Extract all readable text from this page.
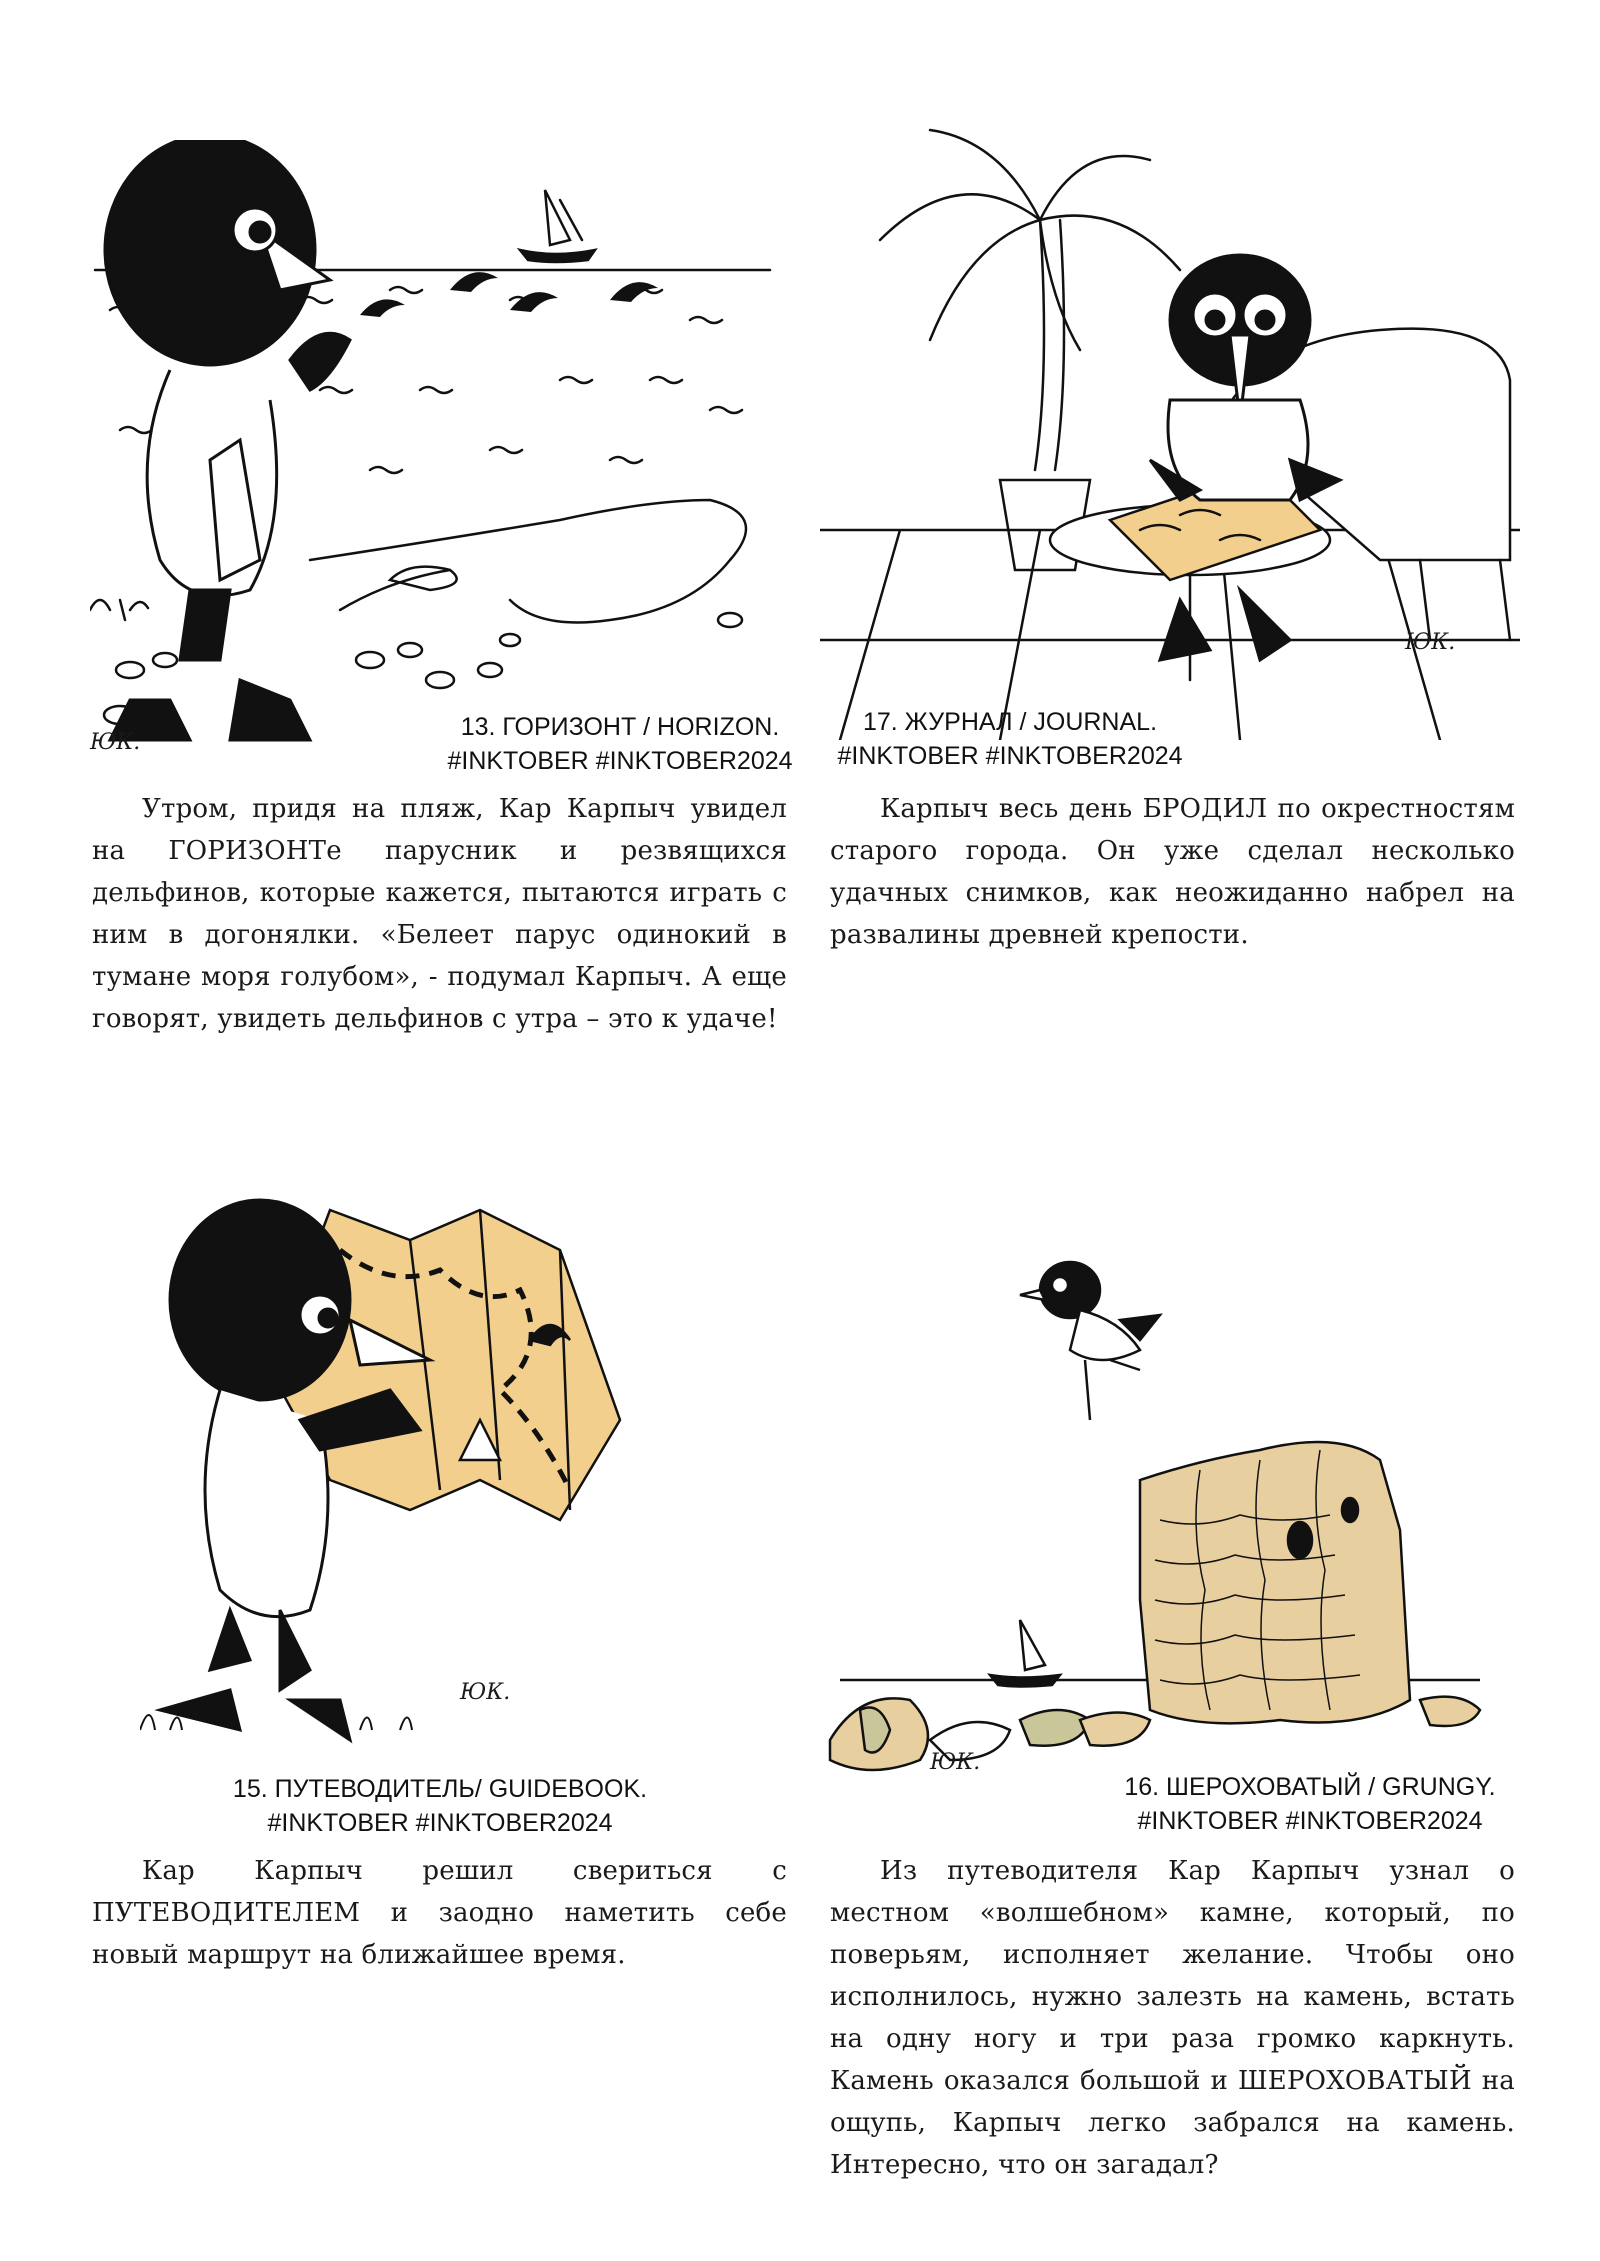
ЮК.
13. ГОРИЗОНТ / HORIZON.
#INKTOBER #INKTOBER2024

Утром, придя на пляж, Кар Карпыч увидел на ГОРИЗОНТе парусник и резвящихся дельфинов, которые кажется, пытаются играть с ним в догонялки. «Белеет парус одинокий в тумане моря голубом», - подумал Карпыч. А еще говорят, увидеть дельфинов с утра – это к удаче!

ЮК.
17. ЖУРНАЛ / JOURNAL.
#INKTOBER #INKTOBER2024

Карпыч весь день БРОДИЛ по окрестностям старого города. Он уже сделал несколько удачных снимков, как неожиданно набрел на развалины древней крепости.

ЮК.
15. ПУТЕВОДИТЕЛЬ/ GUIDEBOOK.
#INKTOBER #INKTOBER2024

Кар Карпыч решил свериться с ПУТЕВОДИТЕЛЕМ и заодно наметить себе новый маршрут на ближайшее время.

ЮК.
16. ШЕРОХОВАТЫЙ / GRUNGY.
#INKTOBER #INKTOBER2024

Из путеводителя Кар Карпыч узнал о местном «волшебном» камне, который, по поверьям, исполняет желание. Чтобы оно исполнилось, нужно залезть на камень, встать на одну ногу и три раза громко каркнуть. Камень оказался большой и ШЕРОХОВАТЫЙ на ощупь, Карпыч легко забрался на камень. Интересно, что он загадал?
